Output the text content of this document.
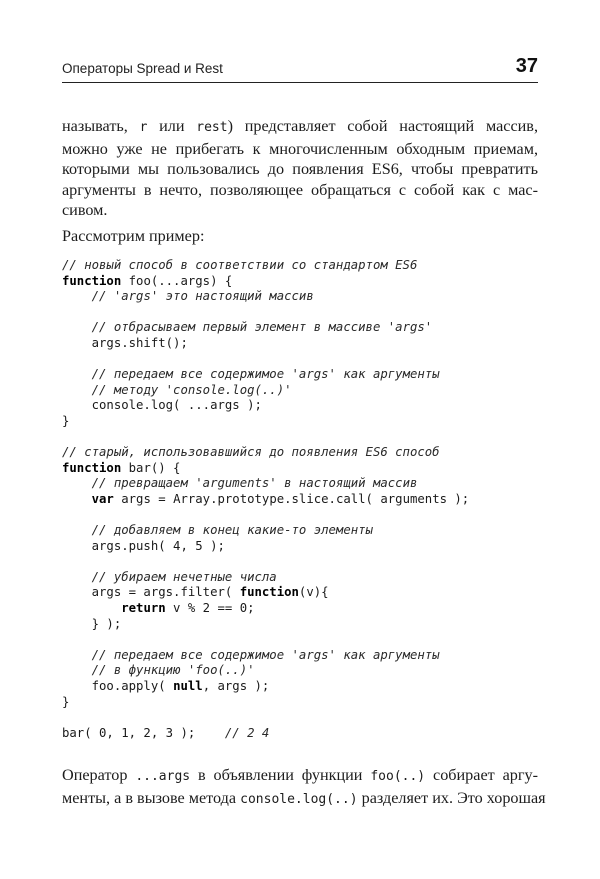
Операторы Spread и Rest	37
называть, r или rest) представляет собой настоящий массив,
можно уже не прибегать к многочисленным обходным приемам,
которыми мы пользовались до появления ES6, чтобы превратить
аргументы в нечто, позволяющее обращаться с собой как с мас-
сивом.
Рассмотрим пример:
// новый способ в соответствии со стандартом ES6
function foo(...args) {
// 'args' это настоящий массив
// отбрасываем первый элемент в массиве 'args'
args.shift();
// передаем все содержимое 'args' как аргументы
// методу 'console.log(..)'
console.log( ...args );
}
// старый, использовавшийся до появления ES6 способ
function bar() {
// превращаем 'arguments' в настоящий массив
var args = Array.prototype.slice.call( arguments );
// добавляем в конец какие-то элементы
args.push( 4, 5 );
// убираем нечетные числа
args = args.filter( function(v){
return v % 2 == 0;
} );
// передаем все содержимое 'args' как аргументы
// в функцию 'foo(..)'
foo.apply( null, args );
}
bar( 0, 1, 2, 3 );    // 2 4
Оператор ...args в объявлении функции foo(..) собирает аргу-
менты, а в вызове метода console.log(..) разделяет их. Это хорошая
